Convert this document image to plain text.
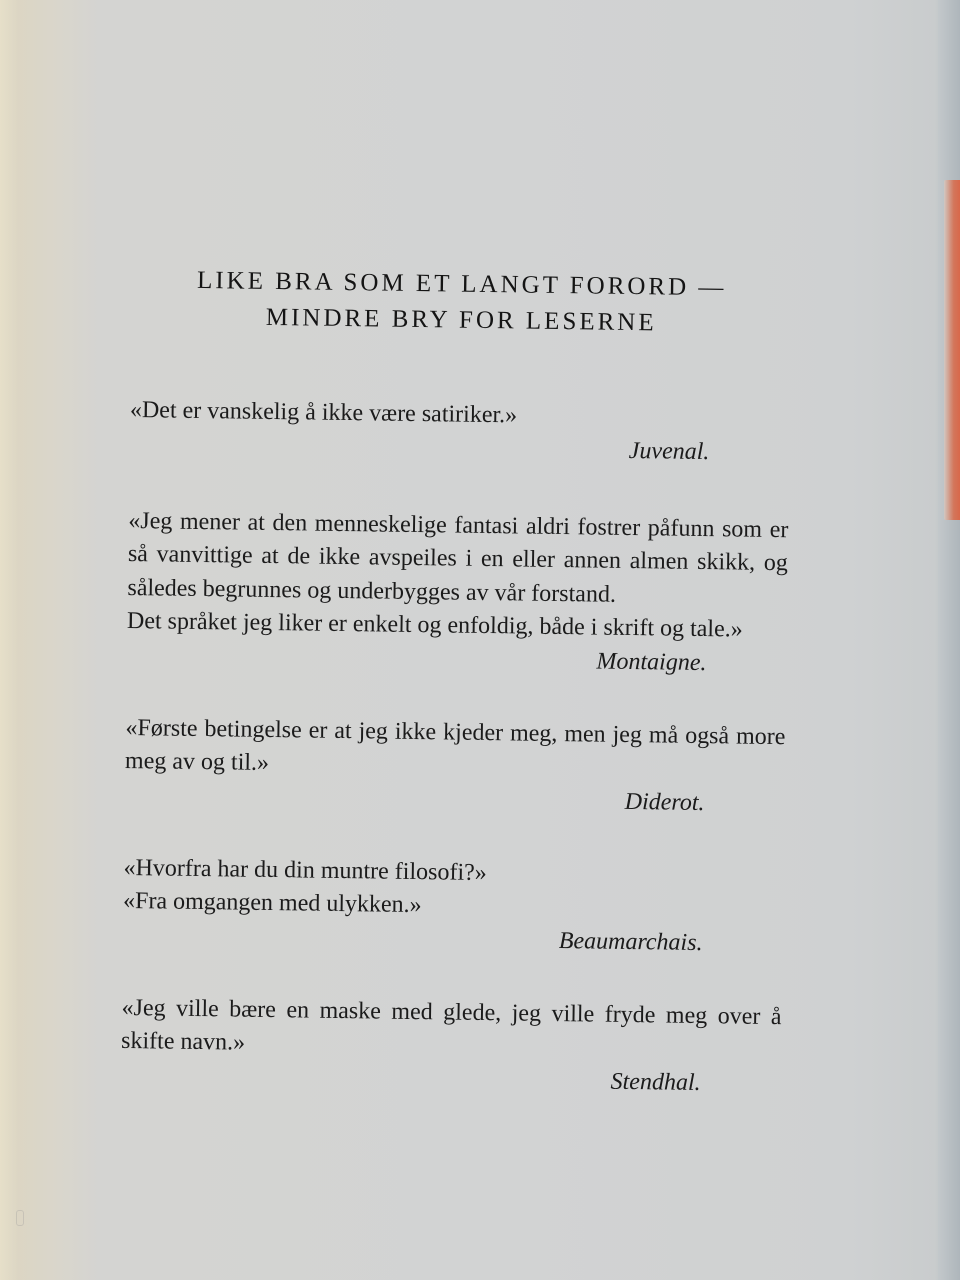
LIKE BRA SOM ET LANGT FORORD —
MINDRE BRY FOR LESERNE

«Det er vanskelig å ikke være satiriker.»

Juvenal.

«Jeg mener at den menneskelige fantasi aldri fostrer påfunn som er så vanvittige at de ikke avspeiles i en eller annen almen skikk, og således begrunnes og underbygges av vår forstand.
Det språket jeg liker er enkelt og enfoldig, både i skrift og tale.»

Montaigne.

«Første betingelse er at jeg ikke kjeder meg, men jeg må også more meg av og til.»

Diderot.

«Hvorfra har du din muntre filosofi?»
«Fra omgangen med ulykken.»

Beaumarchais.

«Jeg ville bære en maske med glede, jeg ville fryde meg over å skifte navn.»

Stendhal.
